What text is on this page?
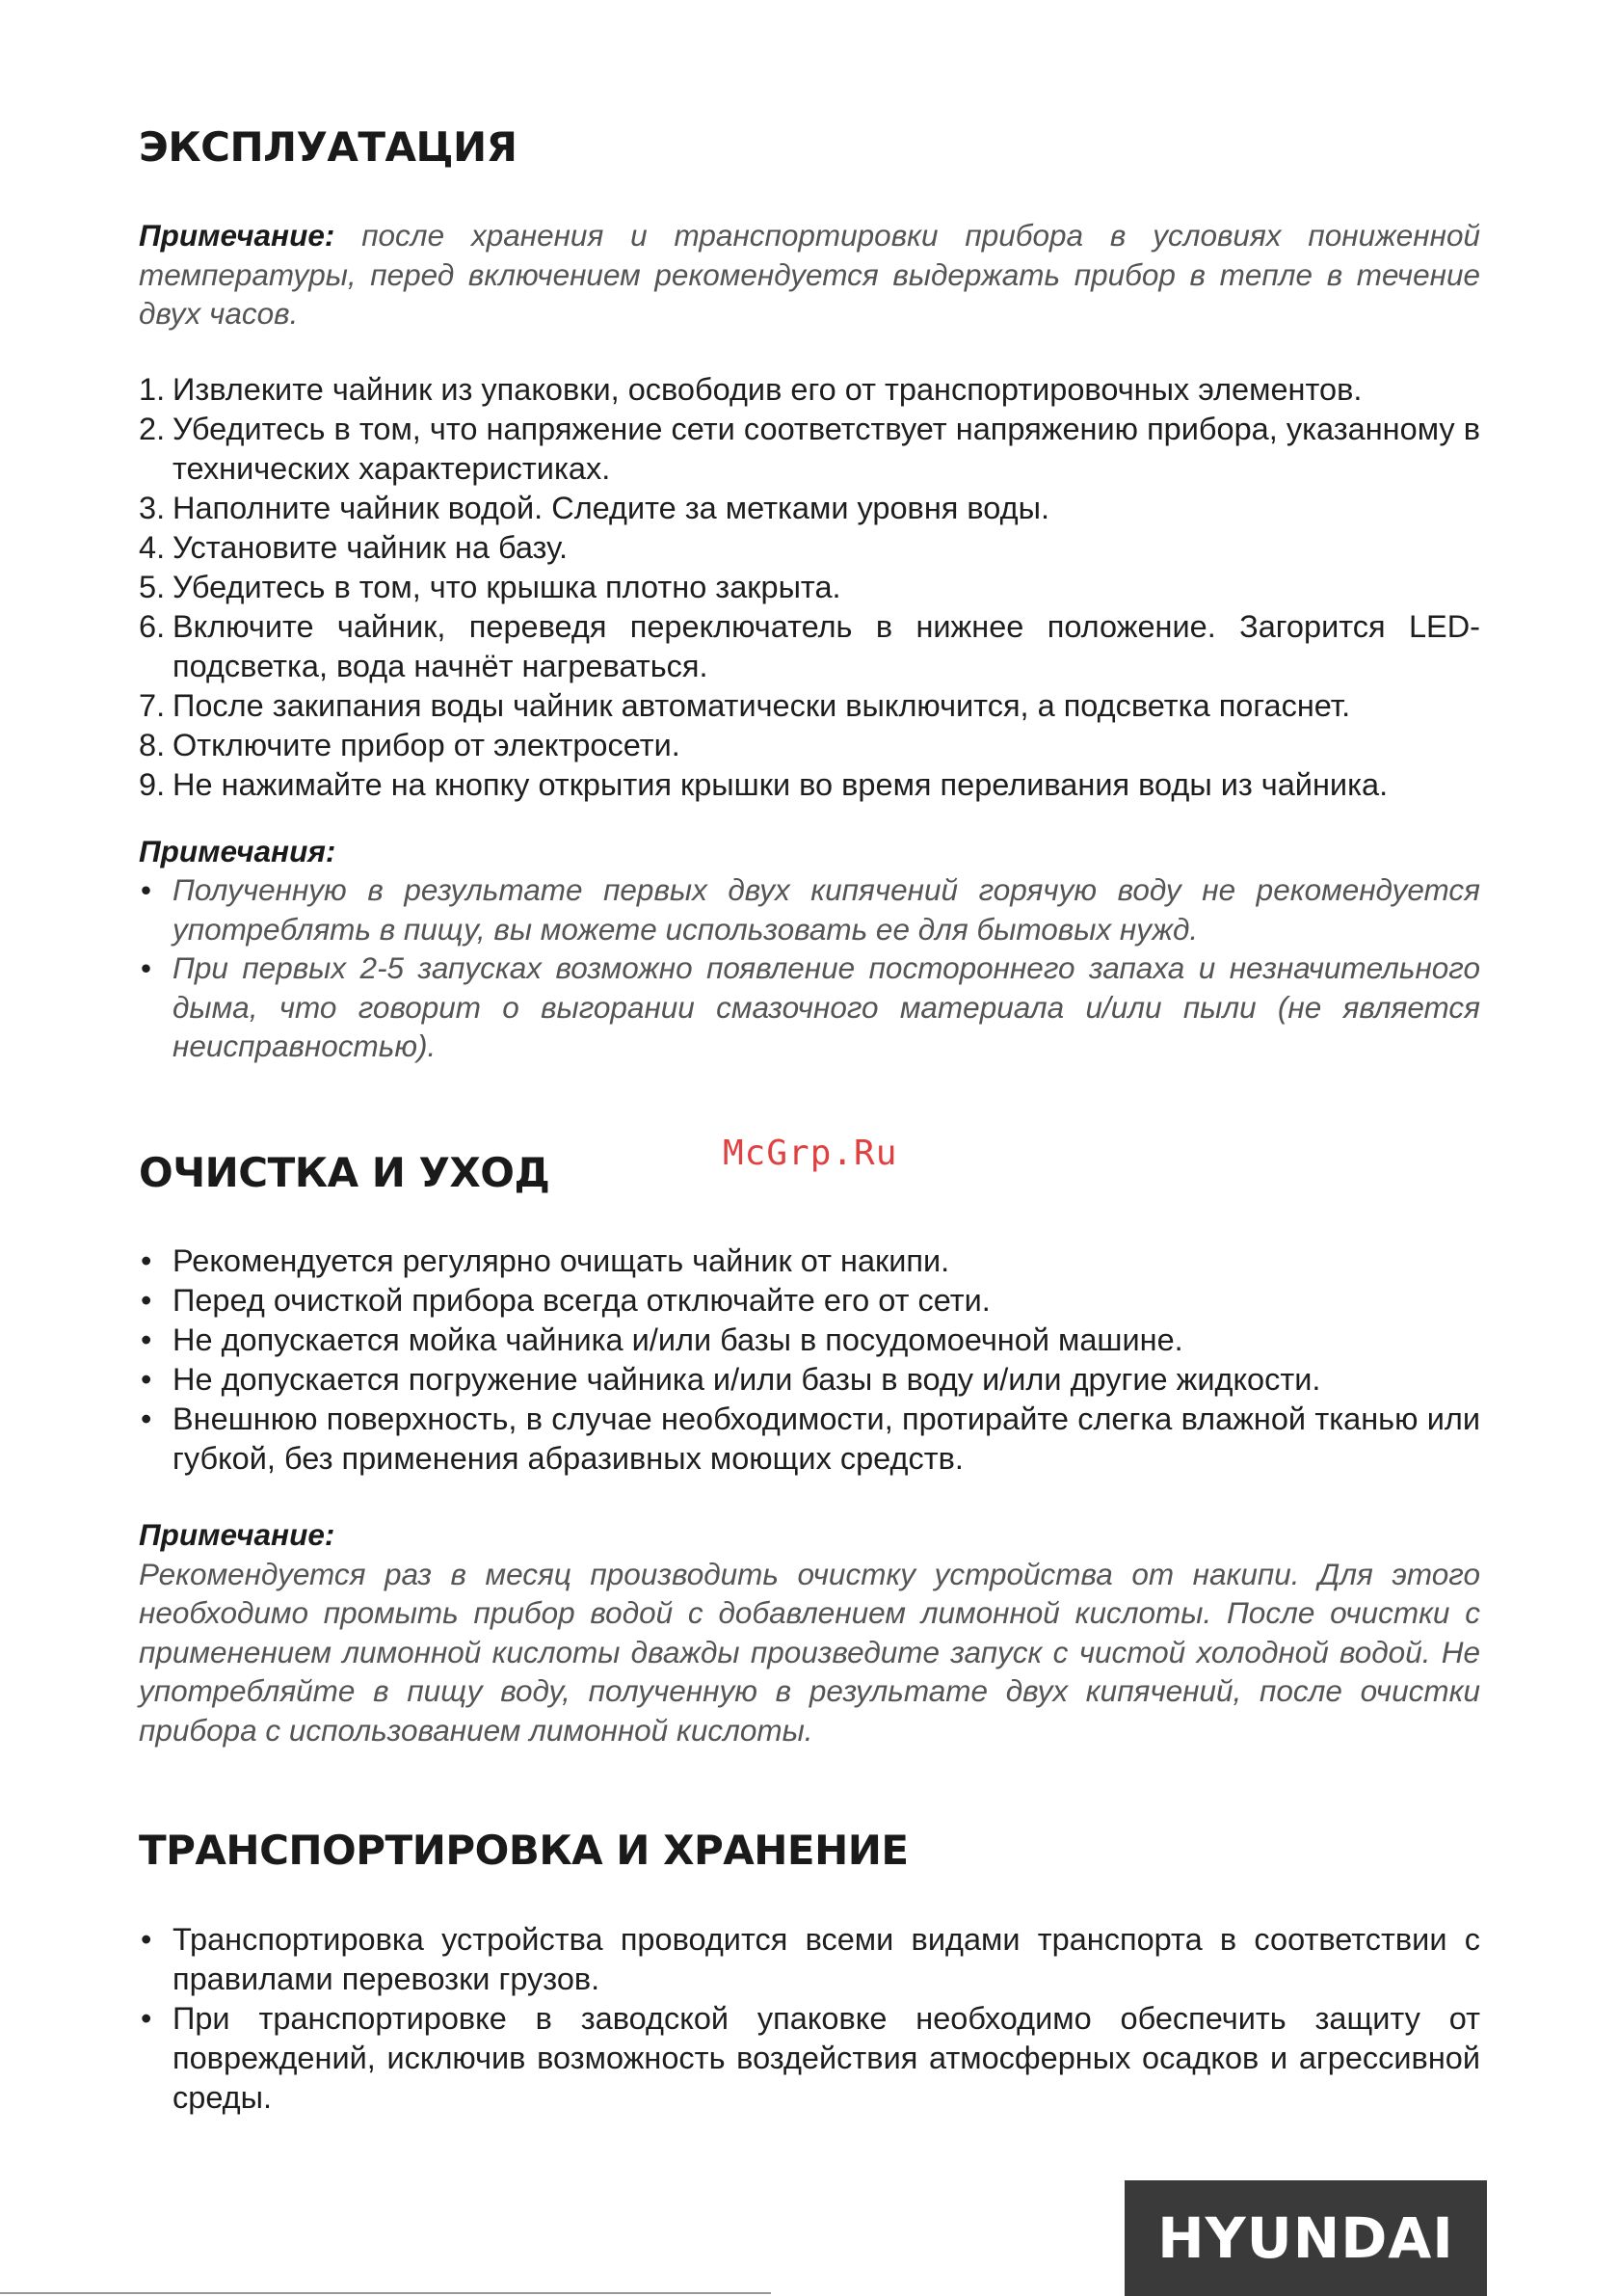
ЭКСПЛУАТАЦИЯ

Примечание: после хранения и транспортировки прибора в условиях пониженной температуры, перед включением рекомендуется выдержать прибор в тепле в течение двух часов.

1. Извлеките чайник из упаковки, освободив его от транспортировочных элементов.
2. Убедитесь в том, что напряжение сети соответствует напряжению прибора, указанному в технических характеристиках.
3. Наполните чайник водой. Следите за метками уровня воды.
4. Установите чайник на базу.
5. Убедитесь в том, что крышка плотно закрыта.
6. Включите чайник, переведя переключатель в нижнее положение. Загорится LED-подсветка, вода начнёт нагреваться.
7. После закипания воды чайник автоматически выключится, а подсветка погаснет.
8. Отключите прибор от электросети.
9. Не нажимайте на кнопку открытия крышки во время переливания воды из чайника.

Примечания:

• Полученную в результате первых двух кипячений горячую воду не рекомендуется употреблять в пищу, вы можете использовать ее для бытовых нужд.
• При первых 2-5 запусках возможно появление постороннего запаха и незначительного дыма, что говорит о выгорании смазочного материала и/или пыли (не является неисправностью).
ОЧИСТКА И УХОД
• Рекомендуется регулярно очищать чайник от накипи.
• Перед очисткой прибора всегда отключайте его от сети.
• Не допускается мойка чайника и/или базы в посудомоечной машине.
• Не допускается погружение чайника и/или базы в воду и/или другие жидкости.
• Внешнюю поверхность, в случае необходимости, протирайте слегка влажной тканью или губкой, без применения абразивных моющих средств.

Примечание:

Рекомендуется раз в месяц производить очистку устройства от накипи. Для этого необходимо промыть прибор водой с добавлением лимонной кислоты. После очистки с применением лимонной кислоты дважды произведите запуск с чистой холодной водой. Не употребляйте в пищу воду, полученную в результате двух кипячений, после очистки прибора с использованием лимонной кислоты.

ТРАНСПОРТИРОВКА И ХРАНЕНИЕ
• Транспортировка устройства проводится всеми видами транспорта в соответствии с правилами перевозки грузов.
• При транспортировке в заводской упаковке необходимо обеспечить защиту от повреждений, исключив возможность воздействия атмосферных осадков и агрессивной среды.
McGrp.Ru
HYUNDAI
